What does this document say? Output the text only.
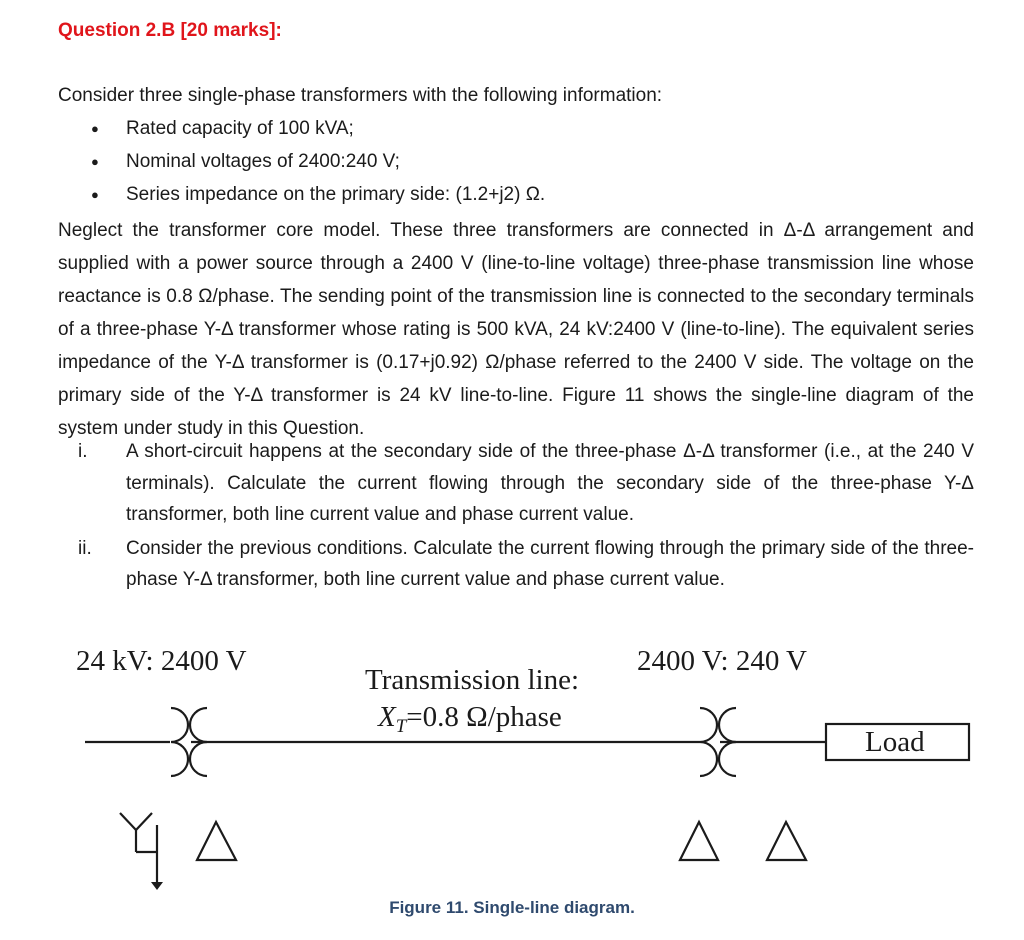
Question 2.B [20 marks]:
Consider three single-phase transformers with the following information:
● Rated capacity of 100 kVA;
● Nominal voltages of 2400:240 V;
● Series impedance on the primary side: (1.2+j2) Ω.

Neglect the transformer core model. These three transformers are connected in Δ-Δ arrangement and supplied with a power source through a 2400 V (line-to-line voltage) three-phase transmission line whose reactance is 0.8 Ω/phase. The sending point of the transmission line is connected to the secondary terminals of a three-phase Y-Δ transformer whose rating is 500 kVA, 24 kV:2400 V (line-to-line). The equivalent series impedance of the Y-Δ transformer is (0.17+j0.92) Ω/phase referred to the 2400 V side. The voltage on the primary side of the Y-Δ transformer is 24 kV line-to-line. Figure 11 shows the single-line diagram of the system under study in this Question.

i. A short-circuit happens at the secondary side of the three-phase Δ-Δ transformer (i.e., at the 240 V terminals). Calculate the current flowing through the secondary side of the three-phase Y-Δ transformer, both line current value and phase current value.
ii. Consider the previous conditions. Calculate the current flowing through the primary side of the three-phase Y-Δ transformer, both line current value and phase current value.
24 kV: 2400 V	2400 V: 240 V
Transmission line:
$X_T=0.8$ Ω/phase
Load
Figure 11. Single-line diagram.
